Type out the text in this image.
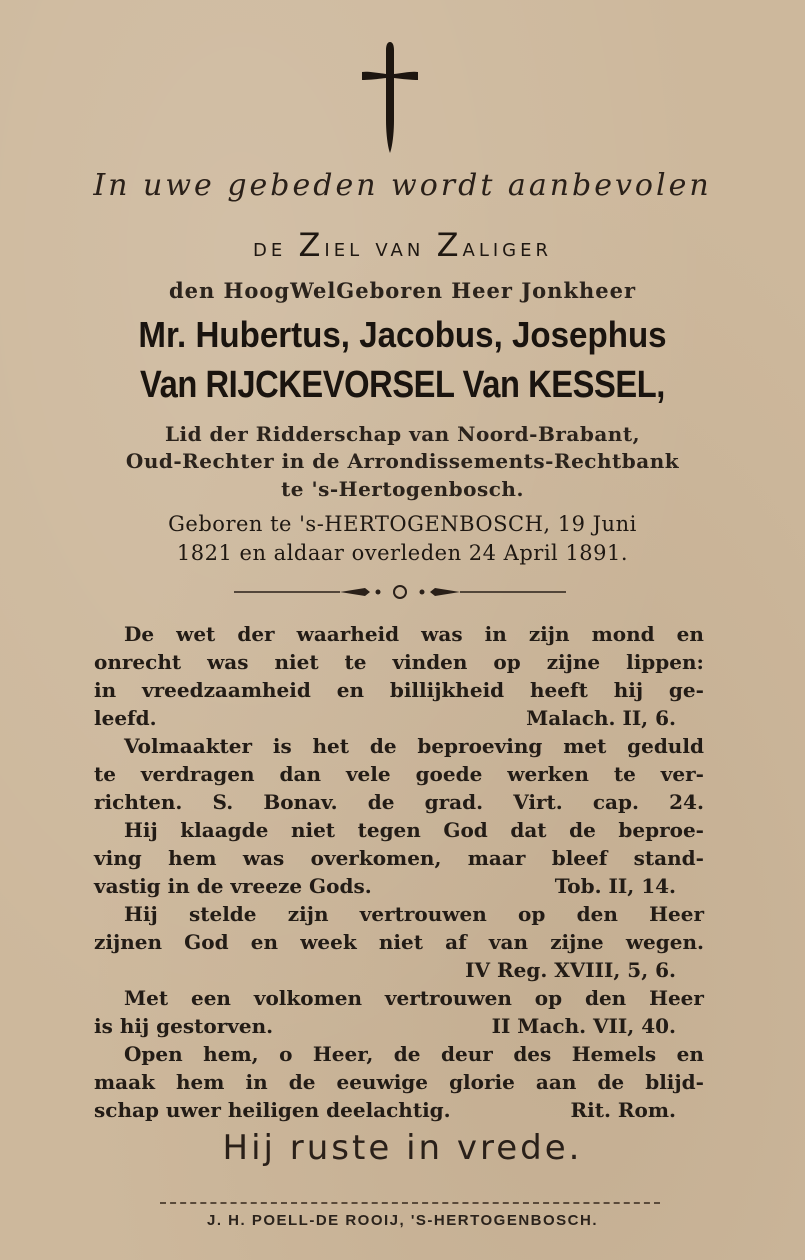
In uwe gebeden wordt aanbevolen
de Ziel van Zaliger
den HoogWelGeboren Heer Jonkheer
Mr. Hubertus, Jacobus, Josephus
Van RIJCKEVORSEL Van KESSEL,
Lid der Ridderschap van Noord-Brabant,
Oud-Rechter in de Arrondissements-Rechtbank
te 's-Hertogenbosch.
Geboren te 's-HERTOGENBOSCH, 19 Juni
1821 en aldaar overleden 24 April 1891.
De wet der waarheid was in zijn mond en
onrecht was niet te vinden op zijne lippen:
in vreedzaamheid en billijkheid heeft hij ge-
leefd.	Malach. II, 6.
Volmaakter is het de beproeving met geduld
te verdragen dan vele goede werken te ver-
richten. S. Bonav. de grad. Virt. cap. 24.
Hij klaagde niet tegen God dat de beproe-
ving hem was overkomen, maar bleef stand-
vastig in de vreeze Gods.	Tob. II, 14.
Hij stelde zijn vertrouwen op den Heer
zijnen God en week niet af van zijne wegen.
IV Reg. XVIII, 5, 6.
Met een volkomen vertrouwen op den Heer
is hij gestorven.	II Mach. VII, 40.
Open hem, o Heer, de deur des Hemels en
maak hem in de eeuwige glorie aan de blijd-
schap uwer heiligen deelachtig.	Rit. Rom.
Hij ruste in vrede.
J. H. POELL-DE ROOIJ, 'S-HERTOGENBOSCH.
